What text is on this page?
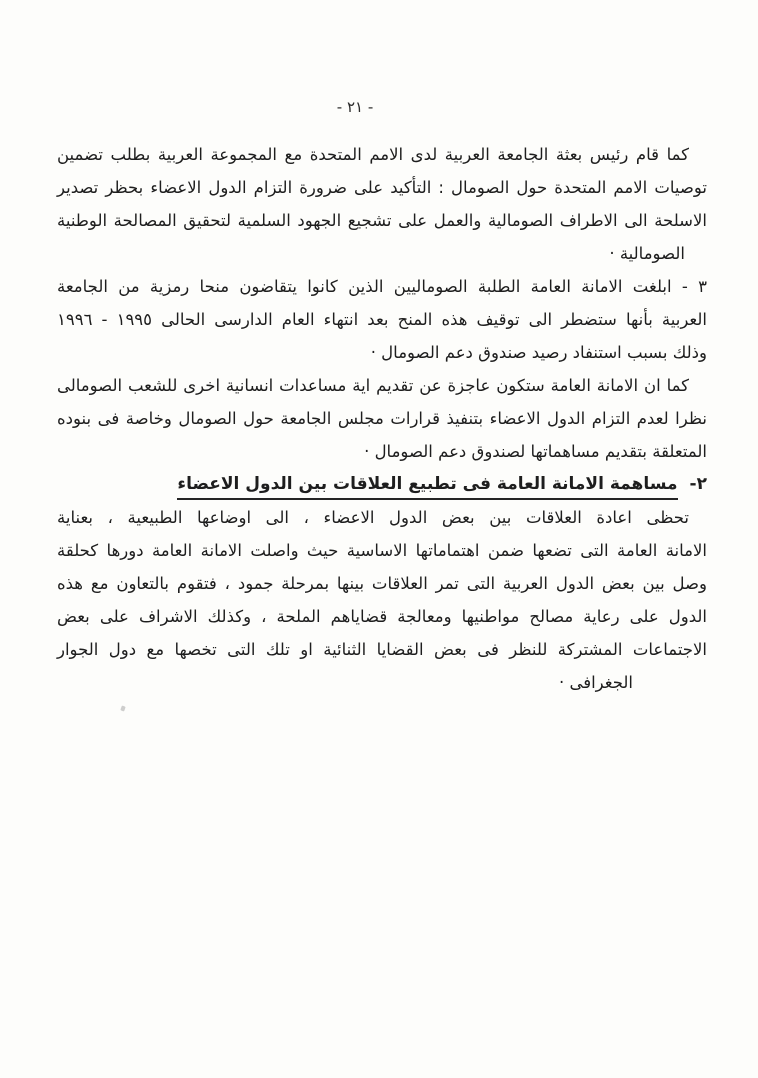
- ٢١ -

كما قام رئيس بعثة الجامعة العربية لدى الامم المتحدة مع المجموعة العربية بطلب تضمين
توصيات الامم المتحدة حول الصومال : التأكيد على ضرورة التزام الدول الاعضاء بحظر تصدير
الاسلحة الى الاطراف الصومالية والعمل على تشجيع الجهود السلمية لتحقيق المصالحة الوطنية
الصومالية ·

٣ - ابلغت الامانة العامة الطلبة الصوماليين الذين كانوا يتقاضون منحا رمزية من الجامعة
العربية بأنها ستضطر الى توقيف هذه المنح بعد انتهاء العام الدارسى الحالى ١٩٩٥ - ١٩٩٦
وذلك بسبب استنفاد رصيد صندوق دعم الصومال ·

كما ان الامانة العامة ستكون عاجزة عن تقديم اية مساعدات انسانية اخرى للشعب الصومالى
نظرا لعدم التزام الدول الاعضاء بتنفيذ قرارات مجلس الجامعة حول الصومال وخاصة فى بنوده
المتعلقة بتقديم مساهماتها لصندوق دعم الصومال ·

٢-مساهمة الامانة العامة فى تطبيع العلاقات بين الدول الاعضاء

تحظى اعادة العلاقات بين بعض الدول الاعضاء ، الى اوضاعها الطبيعية ، بعناية
الامانة العامة التى تضعها ضمن اهتماماتها الاساسية حيث واصلت الامانة العامة دورها كحلقة
وصل بين بعض الدول العربية التى تمر العلاقات بينها بمرحلة جمود ، فتقوم بالتعاون مع هذه
الدول على رعاية مصالح مواطنيها ومعالجة قضاياهم الملحة ، وكذلك الاشراف على بعض
الاجتماعات المشتركة للنظر فى بعض القضايا الثنائية او تلك التى تخصها مع دول الجوار
الجغرافى ·
